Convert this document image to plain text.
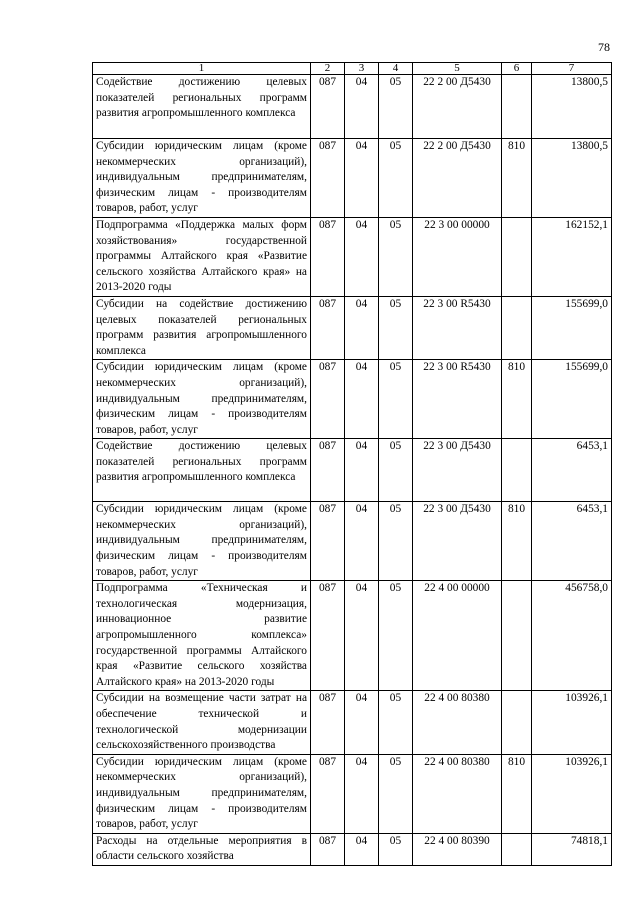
78
1	2	3	4	5	6	7
Содействие достижению целевых показателей региональных программ развития агропромышленного комплекса	087	04	05	22 2 00 Д5430		13800,5
Субсидии юридическим лицам (кроме некоммерческих организаций), индивидуальным предпринимателям, физическим лицам - производителям товаров, работ, услуг	087	04	05	22 2 00 Д5430	810	13800,5
Подпрограмма «Поддержка малых форм хозяйствования» государственной программы Алтайского края «Развитие сельского хозяйства Алтайского края» на 2013-2020 годы	087	04	05	22 3 00 00000		162152,1
Субсидии на содействие достижению целевых показателей региональных программ развития агропромышленного комплекса	087	04	05	22 3 00 R5430		155699,0
Субсидии юридическим лицам (кроме некоммерческих организаций), индивидуальным предпринимателям, физическим лицам - производителям товаров, работ, услуг	087	04	05	22 3 00 R5430	810	155699,0
Содействие достижению целевых показателей региональных программ развития агропромышленного комплекса	087	04	05	22 3 00 Д5430		6453,1
Субсидии юридическим лицам (кроме некоммерческих организаций), индивидуальным предпринимателям, физическим лицам - производителям товаров, работ, услуг	087	04	05	22 3 00 Д5430	810	6453,1
Подпрограмма «Техническая и технологическая модернизация, инновационное развитие агропромышленного комплекса» государственной программы Алтайского края «Развитие сельского хозяйства Алтайского края» на 2013-2020 годы	087	04	05	22 4 00 00000		456758,0
Субсидии на возмещение части затрат на обеспечение технической и технологической модернизации сельскохозяйственного производства	087	04	05	22 4 00 80380		103926,1
Субсидии юридическим лицам (кроме некоммерческих организаций), индивидуальным предпринимателям, физическим лицам - производителям товаров, работ, услуг	087	04	05	22 4 00 80380	810	103926,1
Расходы на отдельные мероприятия в области сельского хозяйства	087	04	05	22 4 00 80390		74818,1
